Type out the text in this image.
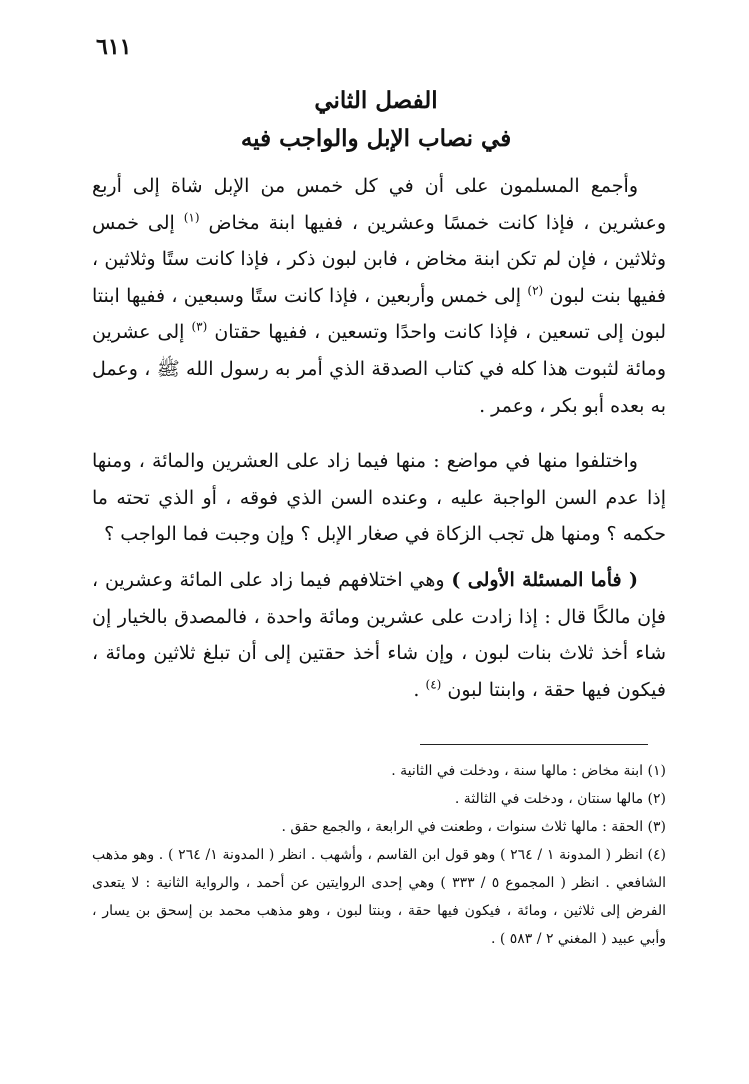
٦١١
الفصل الثاني
في نصاب الإبل والواجب فيه
وأجمع المسلمون على أن في كل خمس من الإبل شاة إلى أربع وعشرين ، فإذا كانت خمسًا وعشرين ، ففيها ابنة مخاض $^{(١)}$ إلى خمس وثلاثين ، فإن لم تكن ابنة مخاض ، فابن لبون ذكر ، فإذا كانت ستًا وثلاثين ، ففيها بنت لبون $^{(٢)}$ إلى خمس وأربعين ، فإذا كانت ستًا وسبعين ، ففيها ابنتا لبون إلى تسعين ، فإذا كانت واحدًا وتسعين ، ففيها حقتان $^{(٣)}$ إلى عشرين ومائة لثبوت هذا كله في كتاب الصدقة الذي أمر به رسول الله ﷺ ، وعمل به بعده أبو بكر ، وعمر .
واختلفوا منها في مواضع : منها فيما زاد على العشرين والمائة ، ومنها إذا عدم السن الواجبة عليه ، وعنده السن الذي فوقه ، أو الذي تحته ما حكمه ؟ ومنها هل تجب الزكاة في صغار الإبل ؟ وإن وجبت فما الواجب ؟
( فأما المسئلة الأولى ) وهي اختلافهم فيما زاد على المائة وعشرين ، فإن مالكًا قال : إذا زادت على عشرين ومائة واحدة ، فالمصدق بالخيار إن شاء أخذ ثلاث بنات لبون ، وإن شاء أخذ حقتين إلى أن تبلغ ثلاثين ومائة ، فيكون فيها حقة ، وابنتا لبون $^{(٤)}$ .

(١) ابنة مخاض : مالها سنة ، ودخلت في الثانية .

(٢) مالها سنتان ، ودخلت في الثالثة .

(٣) الحقة : مالها ثلاث سنوات ، وطعنت في الرابعة ، والجمع حقق .

(٤) انظر ( المدونة ١ / ٢٦٤ ) وهو قول ابن القاسم ، وأشهب . انظر ( المدونة ١/ ٢٦٤ ) . وهو مذهب الشافعي . انظر ( المجموع ٥ / ٣٣٣ ) وهي إحدى الروايتين عن أحمد ، والرواية الثانية : لا يتعدى الفرض إلى ثلاثين ، ومائة ، فيكون فيها حقة ، وبنتا لبون ، وهو مذهب محمد بن إسحق بن يسار ، وأبي عبيد ( المغني ٢ / ٥٨٣ ) .
